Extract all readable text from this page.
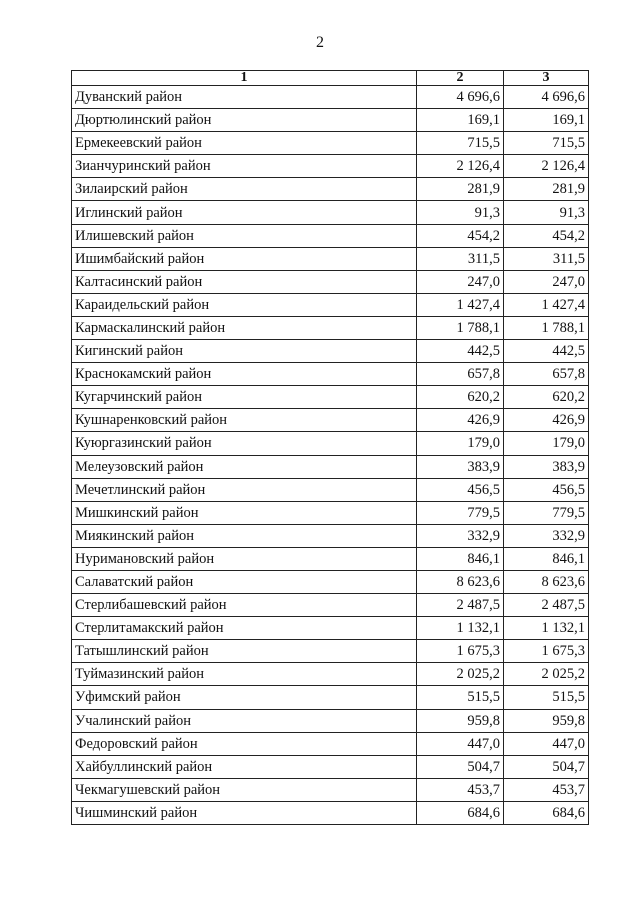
2
1	2	3
Дуванский район	4 696,6	4 696,6
Дюртюлинский район	169,1	169,1
Ермекеевский район	715,5	715,5
Зианчуринский район	2 126,4	2 126,4
Зилаирский район	281,9	281,9
Иглинский район	91,3	91,3
Илишевский район	454,2	454,2
Ишимбайский район	311,5	311,5
Калтасинский район	247,0	247,0
Караидельский район	1 427,4	1 427,4
Кармаскалинский район	1 788,1	1 788,1
Кигинский район	442,5	442,5
Краснокамский район	657,8	657,8
Кугарчинский район	620,2	620,2
Кушнаренковский район	426,9	426,9
Куюргазинский район	179,0	179,0
Мелеузовский район	383,9	383,9
Мечетлинский район	456,5	456,5
Мишкинский район	779,5	779,5
Миякинский район	332,9	332,9
Нуримановский район	846,1	846,1
Салаватский район	8 623,6	8 623,6
Стерлибашевский район	2 487,5	2 487,5
Стерлитамакский район	1 132,1	1 132,1
Татышлинский район	1 675,3	1 675,3
Туймазинский район	2 025,2	2 025,2
Уфимский район	515,5	515,5
Учалинский район	959,8	959,8
Федоровский район	447,0	447,0
Хайбуллинский район	504,7	504,7
Чекмагушевский район	453,7	453,7
Чишминский район	684,6	684,6
